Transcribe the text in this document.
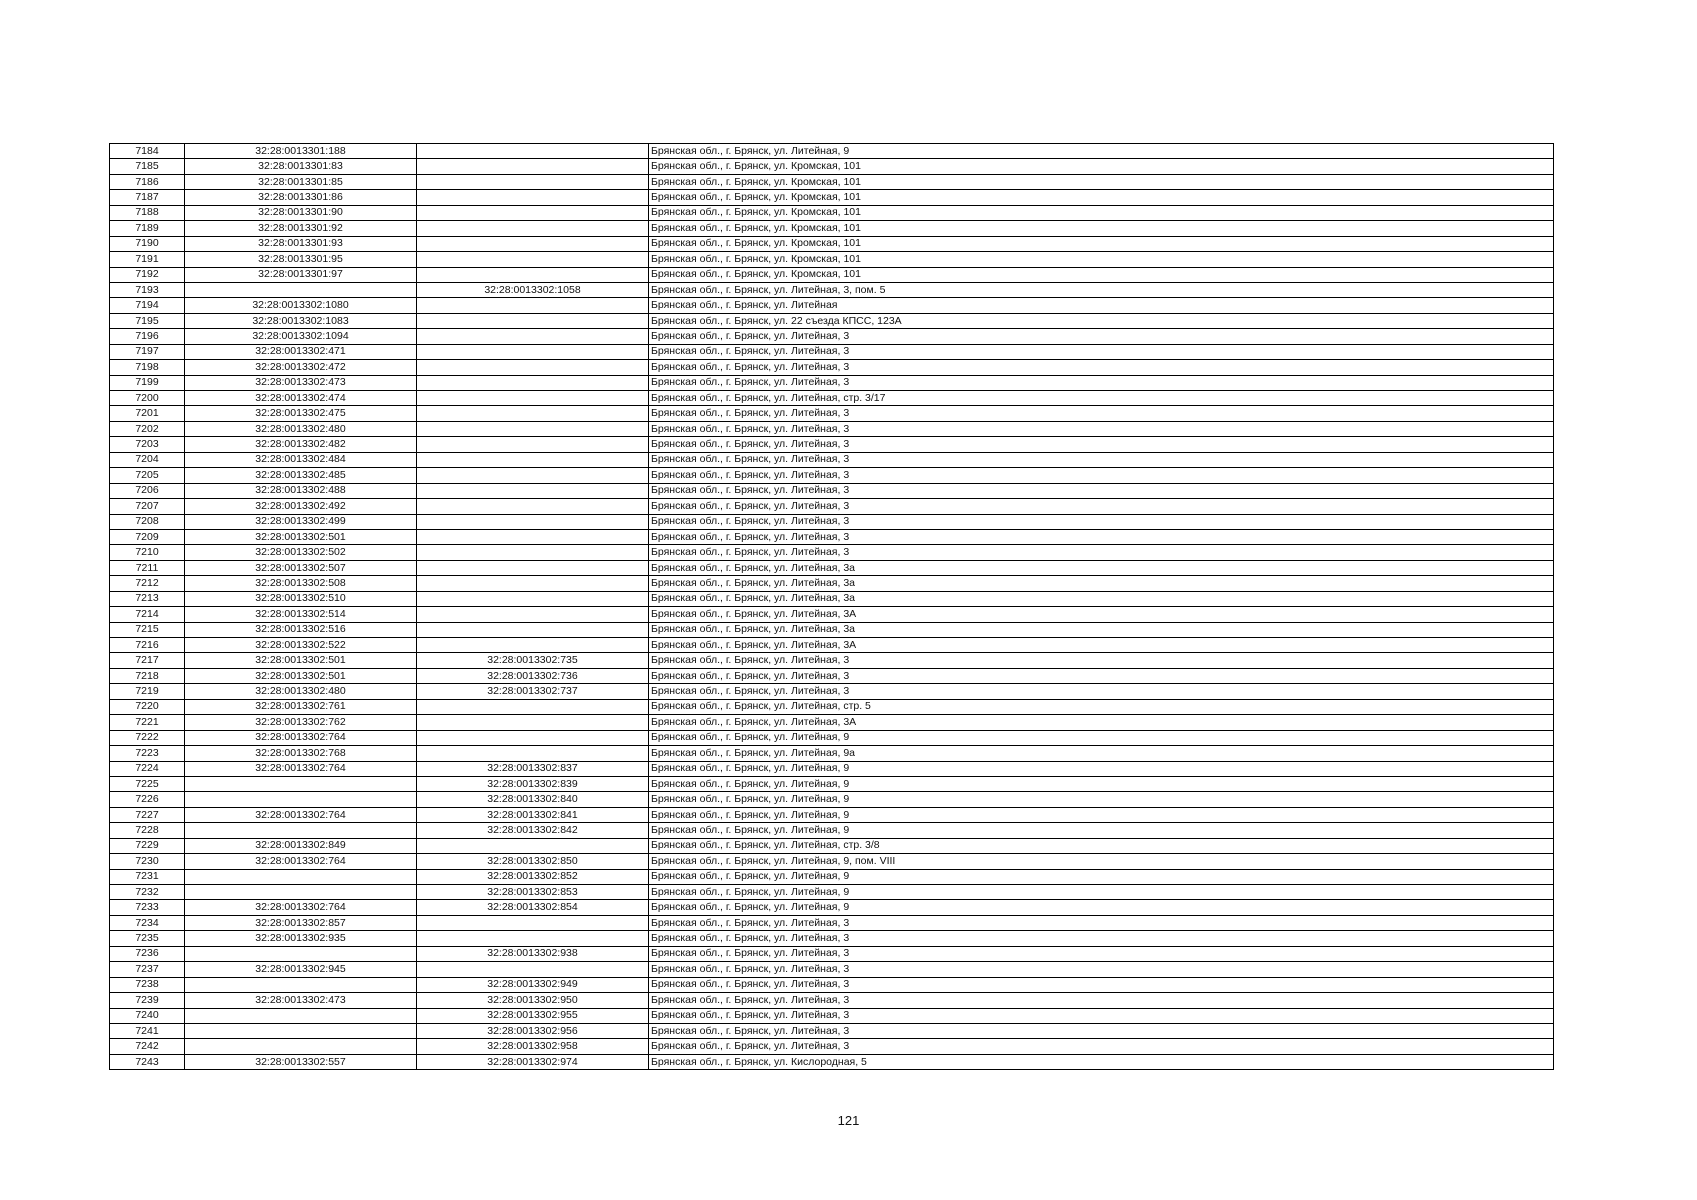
7184	32:28:0013301:188		Брянская обл., г. Брянск, ул. Литейная, 9
7185	32:28:0013301:83		Брянская обл., г. Брянск, ул. Кромская, 101
7186	32:28:0013301:85		Брянская обл., г. Брянск, ул. Кромская, 101
7187	32:28:0013301:86		Брянская обл., г. Брянск, ул. Кромская, 101
7188	32:28:0013301:90		Брянская обл., г. Брянск, ул. Кромская, 101
7189	32:28:0013301:92		Брянская обл., г. Брянск, ул. Кромская, 101
7190	32:28:0013301:93		Брянская обл., г. Брянск, ул. Кромская, 101
7191	32:28:0013301:95		Брянская обл., г. Брянск, ул. Кромская, 101
7192	32:28:0013301:97		Брянская обл., г. Брянск, ул. Кромская, 101
7193		32:28:0013302:1058	Брянская обл., г. Брянск, ул. Литейная, 3, пом. 5
7194	32:28:0013302:1080		Брянская обл., г. Брянск, ул. Литейная
7195	32:28:0013302:1083		Брянская обл., г. Брянск, ул. 22 съезда КПСС, 123А
7196	32:28:0013302:1094		Брянская обл., г. Брянск, ул. Литейная, 3
7197	32:28:0013302:471		Брянская обл., г. Брянск, ул. Литейная, 3
7198	32:28:0013302:472		Брянская обл., г. Брянск, ул. Литейная, 3
7199	32:28:0013302:473		Брянская обл., г. Брянск, ул. Литейная, 3
7200	32:28:0013302:474		Брянская обл., г. Брянск, ул. Литейная, стр. 3/17
7201	32:28:0013302:475		Брянская обл., г. Брянск, ул. Литейная, 3
7202	32:28:0013302:480		Брянская обл., г. Брянск, ул. Литейная, 3
7203	32:28:0013302:482		Брянская обл., г. Брянск, ул. Литейная, 3
7204	32:28:0013302:484		Брянская обл., г. Брянск, ул. Литейная, 3
7205	32:28:0013302:485		Брянская обл., г. Брянск, ул. Литейная, 3
7206	32:28:0013302:488		Брянская обл., г. Брянск, ул. Литейная, 3
7207	32:28:0013302:492		Брянская обл., г. Брянск, ул. Литейная, 3
7208	32:28:0013302:499		Брянская обл., г. Брянск, ул. Литейная, 3
7209	32:28:0013302:501		Брянская обл., г. Брянск, ул. Литейная, 3
7210	32:28:0013302:502		Брянская обл., г. Брянск, ул. Литейная, 3
7211	32:28:0013302:507		Брянская обл., г. Брянск, ул. Литейная, 3а
7212	32:28:0013302:508		Брянская обл., г. Брянск, ул. Литейная, 3а
7213	32:28:0013302:510		Брянская обл., г. Брянск, ул. Литейная, 3а
7214	32:28:0013302:514		Брянская обл., г. Брянск, ул. Литейная, 3А
7215	32:28:0013302:516		Брянская обл., г. Брянск, ул. Литейная, 3а
7216	32:28:0013302:522		Брянская обл., г. Брянск, ул. Литейная, 3А
7217	32:28:0013302:501	32:28:0013302:735	Брянская обл., г. Брянск, ул. Литейная, 3
7218	32:28:0013302:501	32:28:0013302:736	Брянская обл., г. Брянск, ул. Литейная, 3
7219	32:28:0013302:480	32:28:0013302:737	Брянская обл., г. Брянск, ул. Литейная, 3
7220	32:28:0013302:761		Брянская обл., г. Брянск, ул. Литейная, стр. 5
7221	32:28:0013302:762		Брянская обл., г. Брянск, ул. Литейная, 3А
7222	32:28:0013302:764		Брянская обл., г. Брянск, ул. Литейная, 9
7223	32:28:0013302:768		Брянская обл., г. Брянск, ул. Литейная, 9а
7224	32:28:0013302:764	32:28:0013302:837	Брянская обл., г. Брянск, ул. Литейная, 9
7225		32:28:0013302:839	Брянская обл., г. Брянск, ул. Литейная, 9
7226		32:28:0013302:840	Брянская обл., г. Брянск, ул. Литейная, 9
7227	32:28:0013302:764	32:28:0013302:841	Брянская обл., г. Брянск, ул. Литейная, 9
7228		32:28:0013302:842	Брянская обл., г. Брянск, ул. Литейная, 9
7229	32:28:0013302:849		Брянская обл., г. Брянск, ул. Литейная, стр. 3/8
7230	32:28:0013302:764	32:28:0013302:850	Брянская обл., г. Брянск, ул. Литейная, 9, пом. VIII
7231		32:28:0013302:852	Брянская обл., г. Брянск, ул. Литейная, 9
7232		32:28:0013302:853	Брянская обл., г. Брянск, ул. Литейная, 9
7233	32:28:0013302:764	32:28:0013302:854	Брянская обл., г. Брянск, ул. Литейная, 9
7234	32:28:0013302:857		Брянская обл., г. Брянск, ул. Литейная, 3
7235	32:28:0013302:935		Брянская обл., г. Брянск, ул. Литейная, 3
7236		32:28:0013302:938	Брянская обл., г. Брянск, ул. Литейная, 3
7237	32:28:0013302:945		Брянская обл., г. Брянск, ул. Литейная, 3
7238		32:28:0013302:949	Брянская обл., г. Брянск, ул. Литейная, 3
7239	32:28:0013302:473	32:28:0013302:950	Брянская обл., г. Брянск, ул. Литейная, 3
7240		32:28:0013302:955	Брянская обл., г. Брянск, ул. Литейная, 3
7241		32:28:0013302:956	Брянская обл., г. Брянск, ул. Литейная, 3
7242		32:28:0013302:958	Брянская обл., г. Брянск, ул. Литейная, 3
7243	32:28:0013302:557	32:28:0013302:974	Брянская обл., г. Брянск, ул. Кислородная, 5
121
